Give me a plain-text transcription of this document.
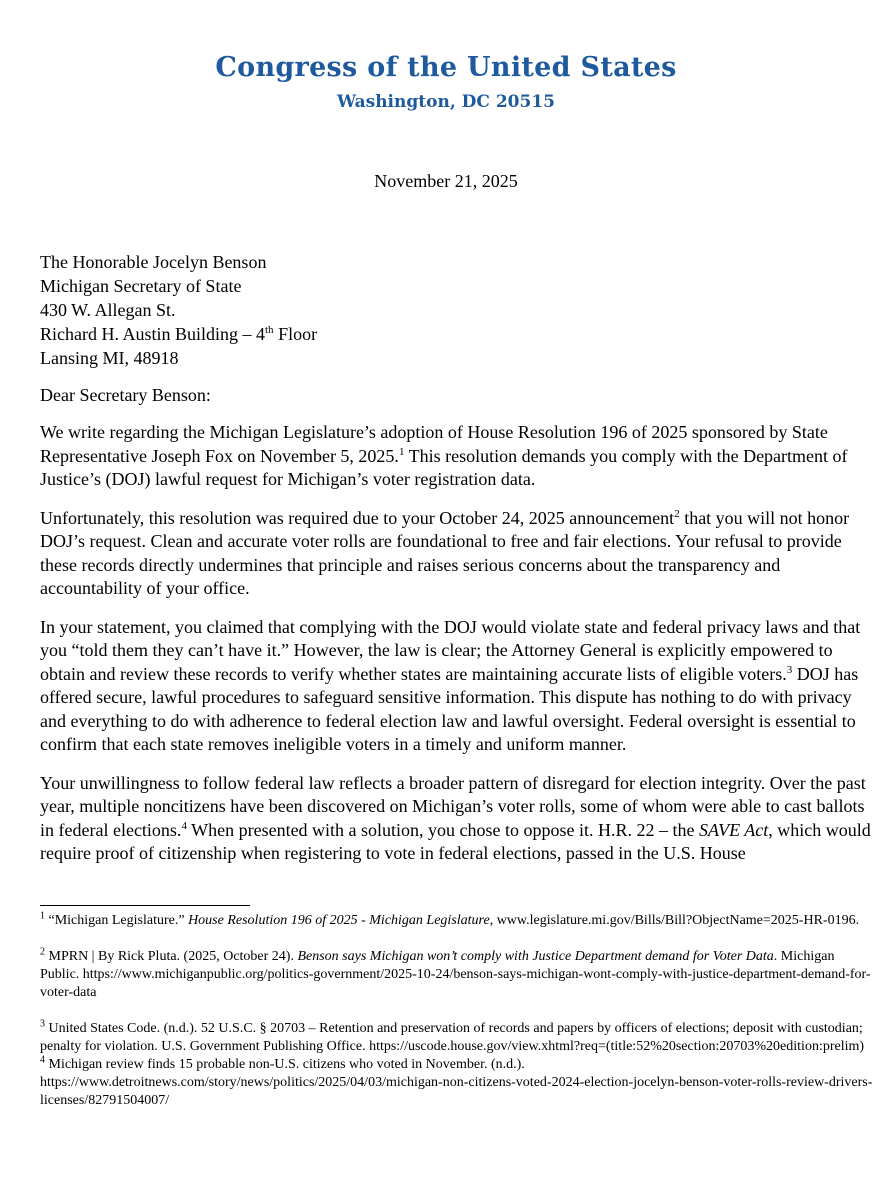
Congress of the United States
Washington, DC 20515
November 21, 2025
The Honorable Jocelyn Benson
Michigan Secretary of State
430 W. Allegan St.
Richard H. Austin Building – 4th Floor
Lansing MI, 48918
Dear Secretary Benson:

We write regarding the Michigan Legislature’s adoption of House Resolution 196 of 2025 sponsored by State Representative Joseph Fox on November 5, 2025.$^1$ This resolution demands you comply with the Department of Justice’s (DOJ) lawful request for Michigan’s voter registration data.

Unfortunately, this resolution was required due to your October 24, 2025 announcement$^2$ that you will not honor DOJ’s request. Clean and accurate voter rolls are foundational to free and fair elections. Your refusal to provide these records directly undermines that principle and raises serious concerns about the transparency and accountability of your office.

In your statement, you claimed that complying with the DOJ would violate state and federal privacy laws and that you “told them they can’t have it.” However, the law is clear; the Attorney General is explicitly empowered to obtain and review these records to verify whether states are maintaining accurate lists of eligible voters.$^3$ DOJ has offered secure, lawful procedures to safeguard sensitive information. This dispute has nothing to do with privacy and everything to do with adherence to federal election law and lawful oversight. Federal oversight is essential to confirm that each state removes ineligible voters in a timely and uniform manner.

Your unwillingness to follow federal law reflects a broader pattern of disregard for election integrity. Over the past year, multiple noncitizens have been discovered on Michigan’s voter rolls, some of whom were able to cast ballots in federal elections.$^4$ When presented with a solution, you chose to oppose it. H.R. 22 – the SAVE Act, which would require proof of citizenship when registering to vote in federal elections, passed in the U.S. House

$^1$ “Michigan Legislature.” House Resolution 196 of 2025 - Michigan Legislature, www.legislature.mi.gov/Bills/Bill?ObjectName=2025-HR-0196.

$^2$ MPRN | By Rick Pluta. (2025, October 24). Benson says Michigan won’t comply with Justice Department demand for Voter Data. Michigan Public. https://www.michiganpublic.org/politics-government/2025-10-24/benson-says-michigan-wont-comply-with-justice-department-demand-for-voter-data

$^3$ United States Code. (n.d.). 52 U.S.C. § 20703 – Retention and preservation of records and papers by officers of elections; deposit with custodian; penalty for violation. U.S. Government Publishing Office. https://uscode.house.gov/view.xhtml?req=(title:52%20section:20703%20edition:prelim)

$^4$ Michigan review finds 15 probable non-U.S. citizens who voted in November. (n.d.). https://www.detroitnews.com/story/news/politics/2025/04/03/michigan-non-citizens-voted-2024-election-jocelyn-benson-voter-rolls-review-drivers-licenses/82791504007/
